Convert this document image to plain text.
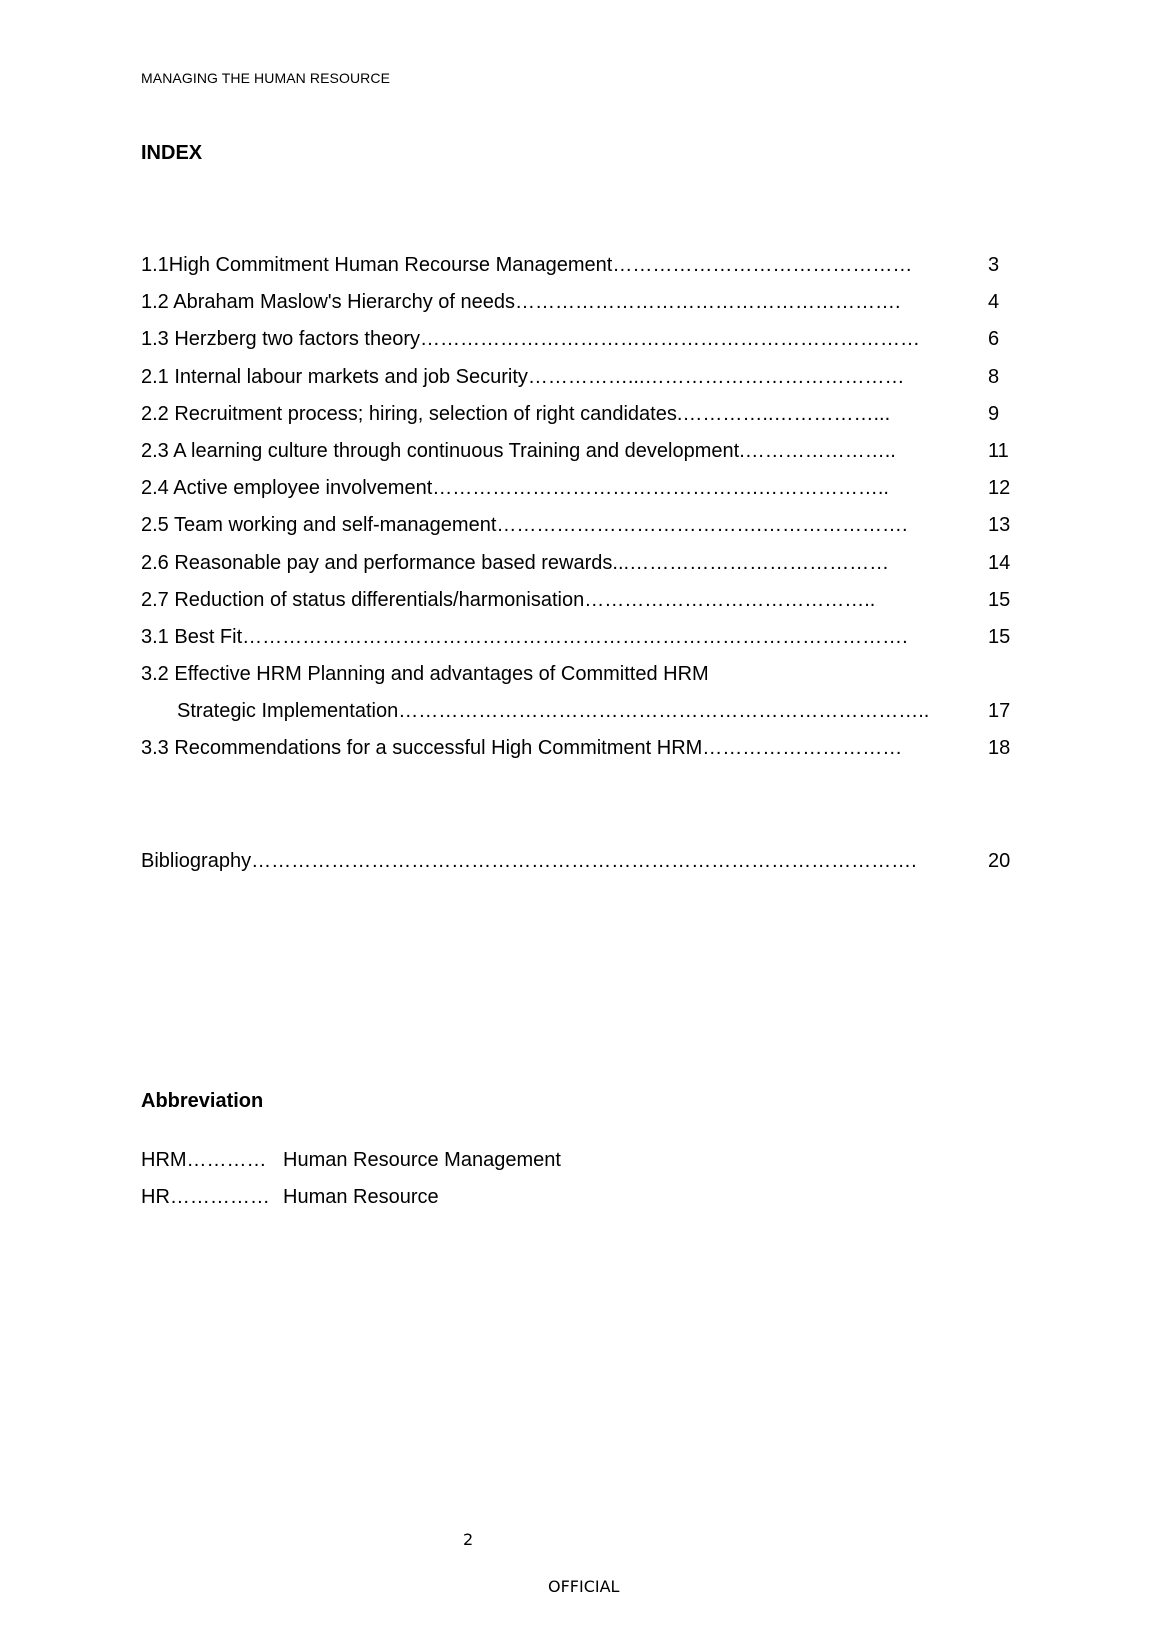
MANAGING THE HUMAN RESOURCE
INDEX
1.1High Commitment Human Recourse Management………………………………………	3
1.2 Abraham Maslow's Hierarchy of needs………………………………………………….	4
1.3 Herzberg two factors theory…………………………………………………………………	6
2.1 Internal labour markets and job Security……………...…………………………………	8
2.2 Recruitment process; hiring, selection of right candidates.…………..……………...	9
2.3 A learning culture through continuous Training and development.…………………..	11
2.4 Active employee involvement………………………………………….………………..	12
2.5 Team working and self-management………………………………….………………….	13
2.6 Reasonable pay and performance based rewards...…………………………………	14
2.7 Reduction of status differentials/harmonisation……………………………………..	15
3.1 Best Fit……………………………………………………………………………………….	15
3.2 Effective HRM Planning and advantages of Committed HRM
Strategic Implementation……………………………………………………………………..	17
3.3 Recommendations for a successful High Commitment HRM…………………………	18
Bibliography……………………………………………………………………………………….	20
Abbreviation
HRM………… Human Resource Management
HR…………… Human Resource
2
OFFICIAL
